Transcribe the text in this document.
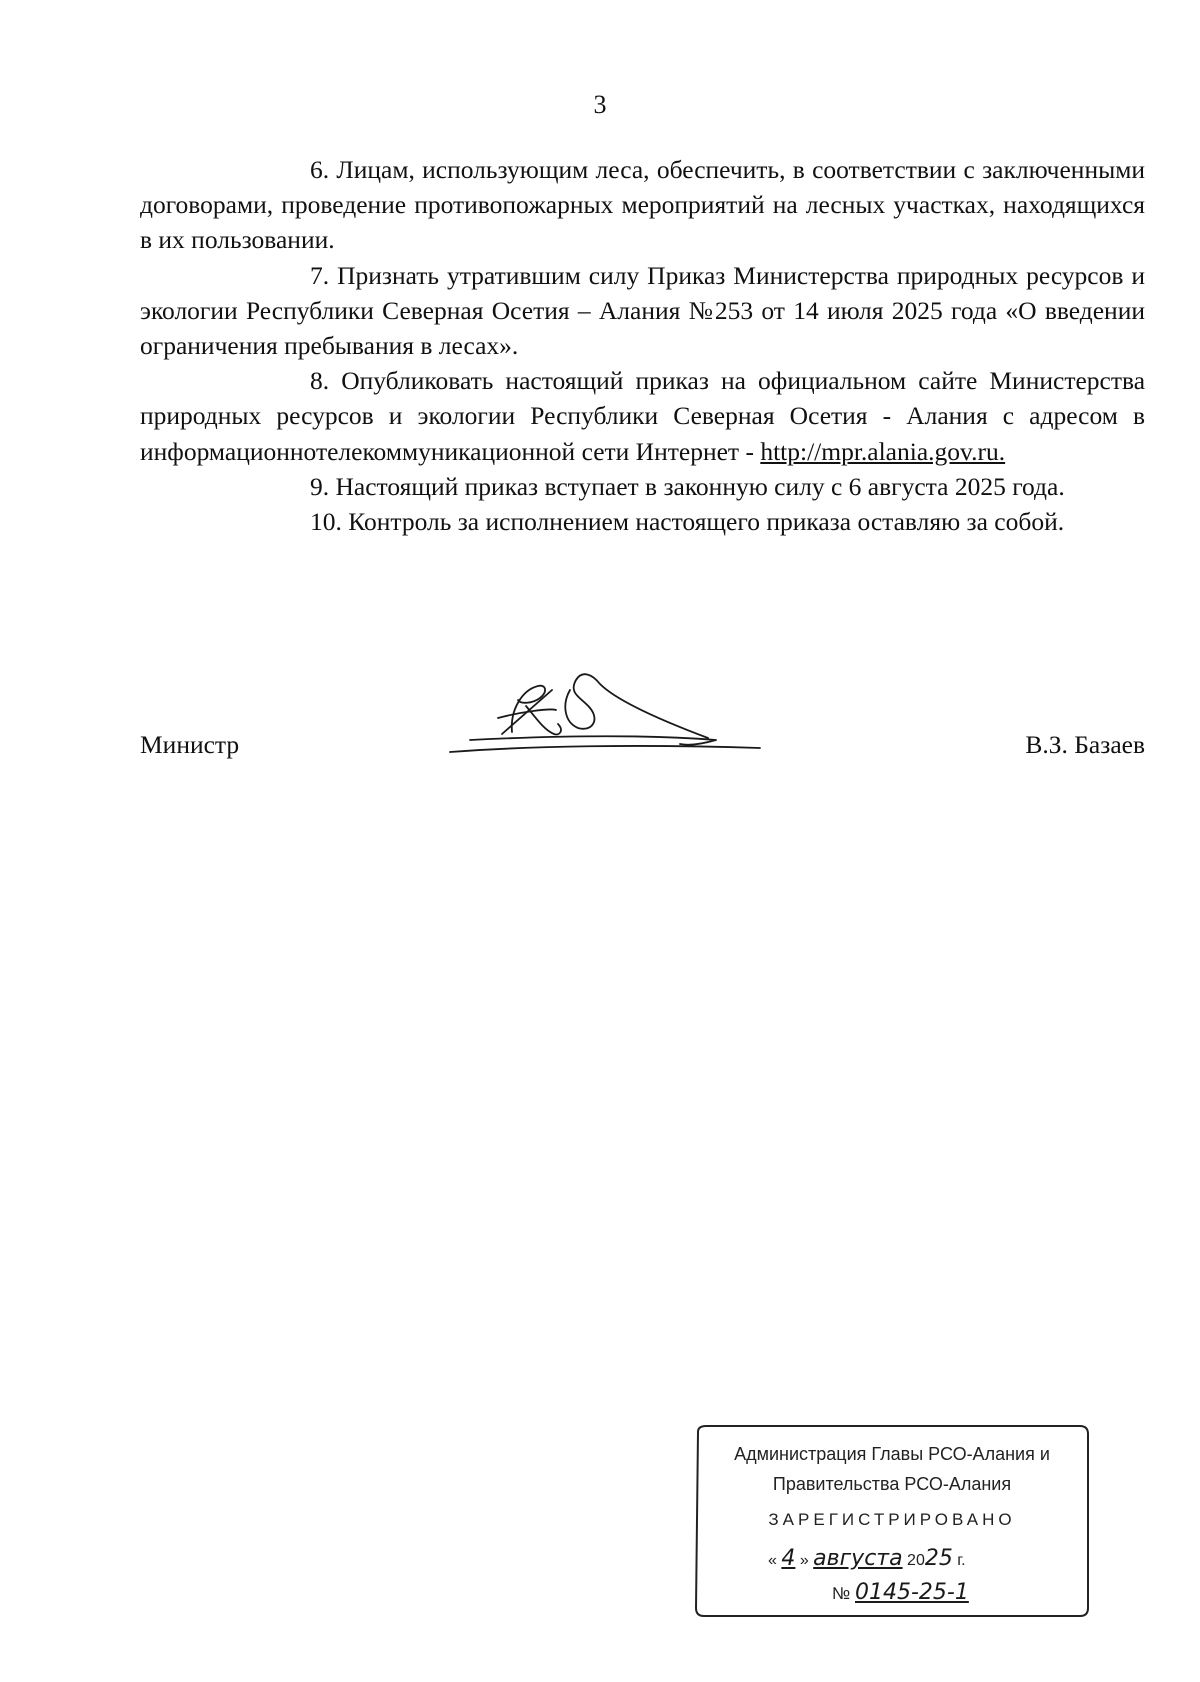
3

6. Лицам, использующим леса, обеспечить, в соответствии с заключенными договорами, проведение противопожарных мероприятий на лесных участках, находящихся в их пользовании.

7. Признать утратившим силу Приказ Министерства природных ресурсов и экологии Республики Северная Осетия – Алания №253 от 14 июля 2025 года «О введении ограничения пребывания в лесах».

8. Опубликовать настоящий приказ на официальном сайте Министерства природных ресурсов и экологии Республики Северная Осетия - Алания с адресом в информационнотелекоммуникационной сети Интернет - http://mpr.alania.gov.ru.

9. Настоящий приказ вступает в законную силу с 6 августа 2025 года.

10. Контроль за исполнением настоящего приказа оставляю за собой.

Министр	В.З. Базаев
Администрация Главы РСО-Алания и
Правительства РСО-Алания
ЗАРЕГИСТРИРОВАНО
« 4 » августа 2025 г.
№ 0145-25-1
